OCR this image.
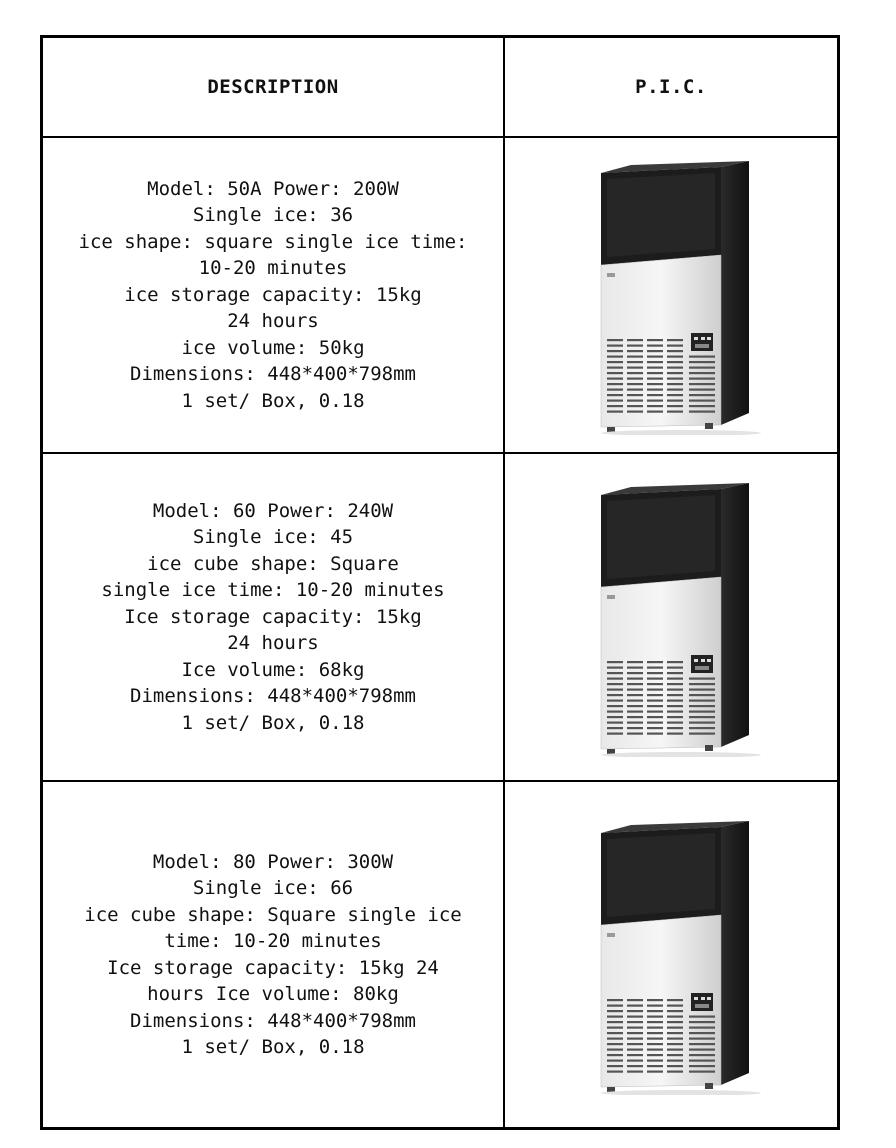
DESCRIPTION	P.I.C.
Model: 50A Power: 200W
Single ice: 36
ice shape: square single ice time:
10-20 minutes
ice storage capacity: 15kg
24 hours
ice volume: 50kg
Dimensions: 448*400*798mm
1 set/ Box, 0.18
Model: 60 Power: 240W
Single ice: 45
ice cube shape: Square
single ice time: 10-20 minutes
Ice storage capacity: 15kg
24 hours
Ice volume: 68kg
Dimensions: 448*400*798mm
1 set/ Box, 0.18
Model: 80 Power: 300W
Single ice: 66
ice cube shape: Square single ice
time: 10-20 minutes
Ice storage capacity: 15kg 24
hours Ice volume: 80kg
Dimensions: 448*400*798mm
1 set/ Box, 0.18
